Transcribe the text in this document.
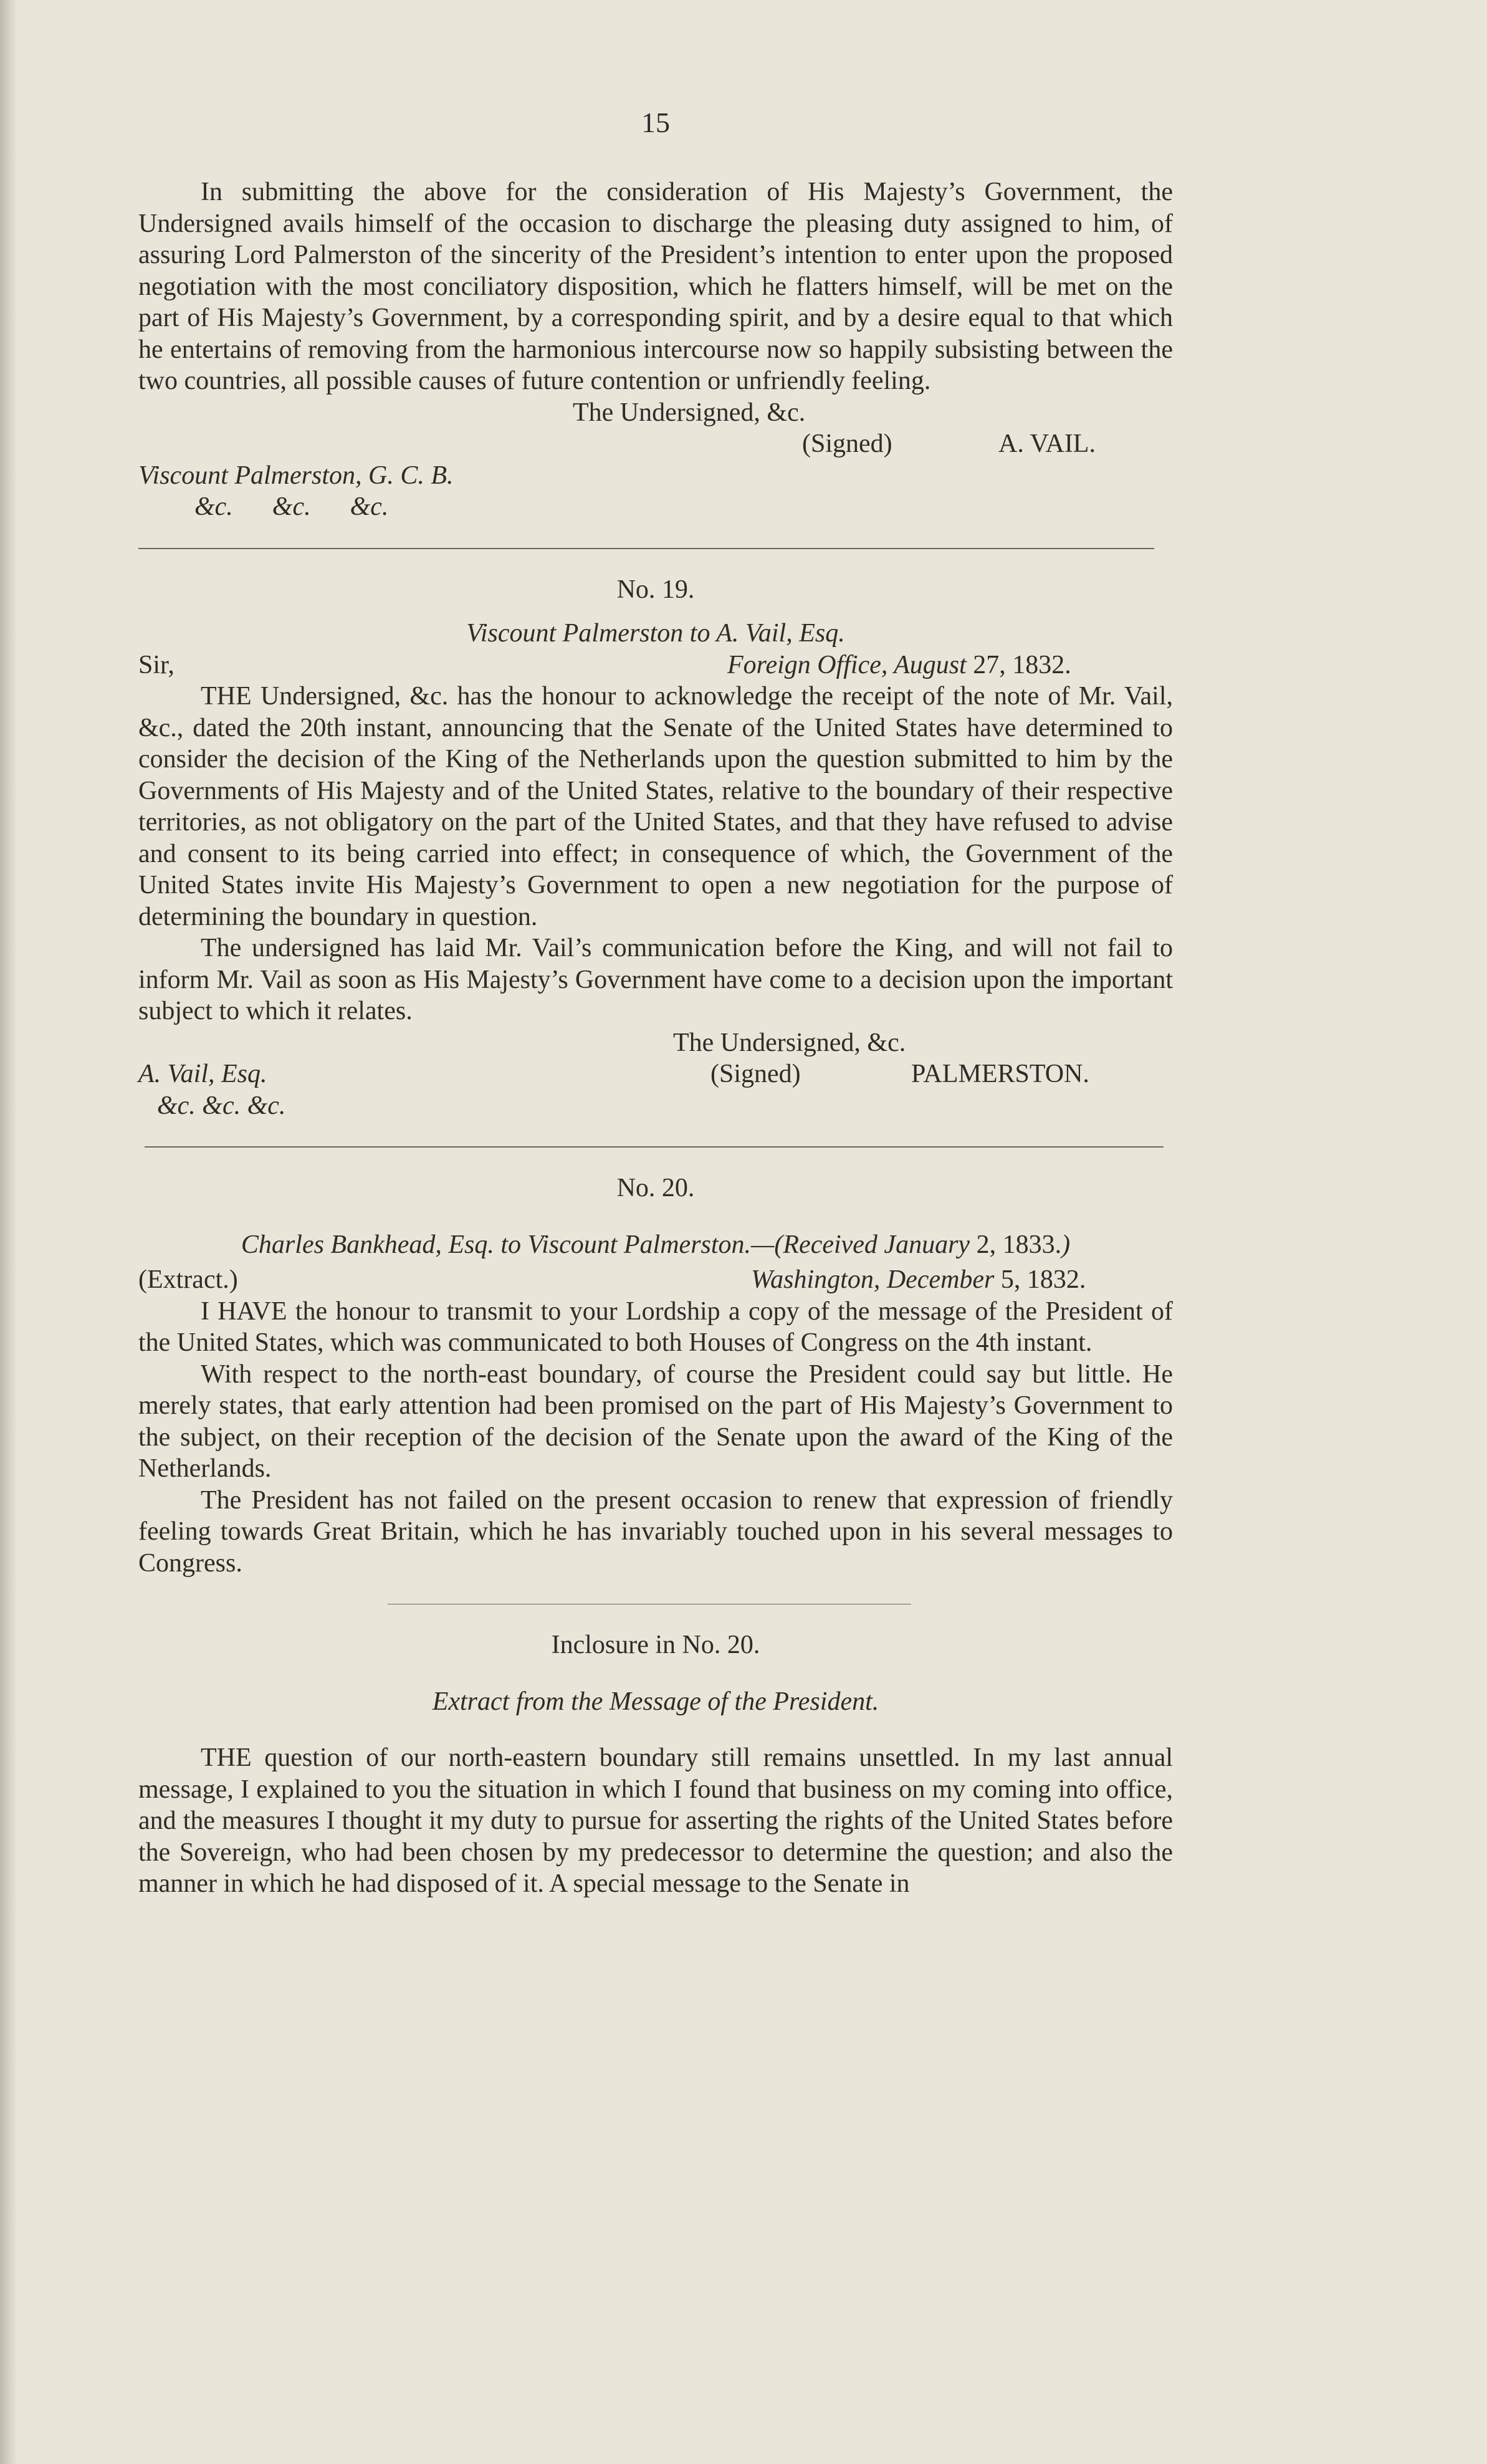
15

In submitting the above for the consideration of His Majesty’s Government, the Undersigned avails himself of the occasion to discharge the pleasing duty assigned to him, of assuring Lord Palmerston of the sincerity of the President’s intention to enter upon the proposed negotiation with the most conciliatory disposition, which he flatters himself, will be met on the part of His Majesty’s Government, by a corresponding spirit, and by a desire equal to that which he entertains of removing from the harmonious intercourse now so happily subsisting between the two countries, all possible causes of future contention or unfriendly feeling.

The Undersigned, &c.
(Signed)	A. VAIL.
Viscount Palmerston, G. C. B.
&c.      &c.      &c.
No. 19.
Viscount Palmerston to A. Vail, Esq.
Sir,	Foreign Office, August 27, 1832.

THE Undersigned, &c. has the honour to acknowledge the receipt of the note of Mr. Vail, &c., dated the 20th instant, announcing that the Senate of the United States have determined to consider the decision of the King of the Netherlands upon the question submitted to him by the Governments of His Majesty and of the United States, relative to the boundary of their respective territories, as not obligatory on the part of the United States, and that they have refused to advise and consent to its being carried into effect; in consequence of which, the Government of the United States invite His Majesty’s Government to open a new negotiation for the purpose of determining the boundary in question.

The undersigned has laid Mr. Vail’s communication before the King, and will not fail to inform Mr. Vail as soon as His Majesty’s Government have come to a decision upon the important subject to which it relates.

The Undersigned, &c.
A. Vail, Esq.	(Signed)	PALMERSTON.
&c. &c. &c.
No. 20.
Charles Bankhead, Esq. to Viscount Palmerston.—(Received January 2, 1833.)
(Extract.)	Washington, December 5, 1832.

I HAVE the honour to transmit to your Lordship a copy of the message of the President of the United States, which was communicated to both Houses of Congress on the 4th instant.

With respect to the north-east boundary, of course the President could say but little. He merely states, that early attention had been promised on the part of His Majesty’s Government to the subject, on their reception of the decision of the Senate upon the award of the King of the Netherlands.

The President has not failed on the present occasion to renew that expression of friendly feeling towards Great Britain, which he has invariably touched upon in his several messages to Congress.

Inclosure in No. 20.
Extract from the Message of the President.

THE question of our north-eastern boundary still remains unsettled. In my last annual message, I explained to you the situation in which I found that business on my coming into office, and the measures I thought it my duty to pursue for asserting the rights of the United States before the Sovereign, who had been chosen by my predecessor to determine the question; and also the manner in which he had disposed of it. A special message to the Senate in
